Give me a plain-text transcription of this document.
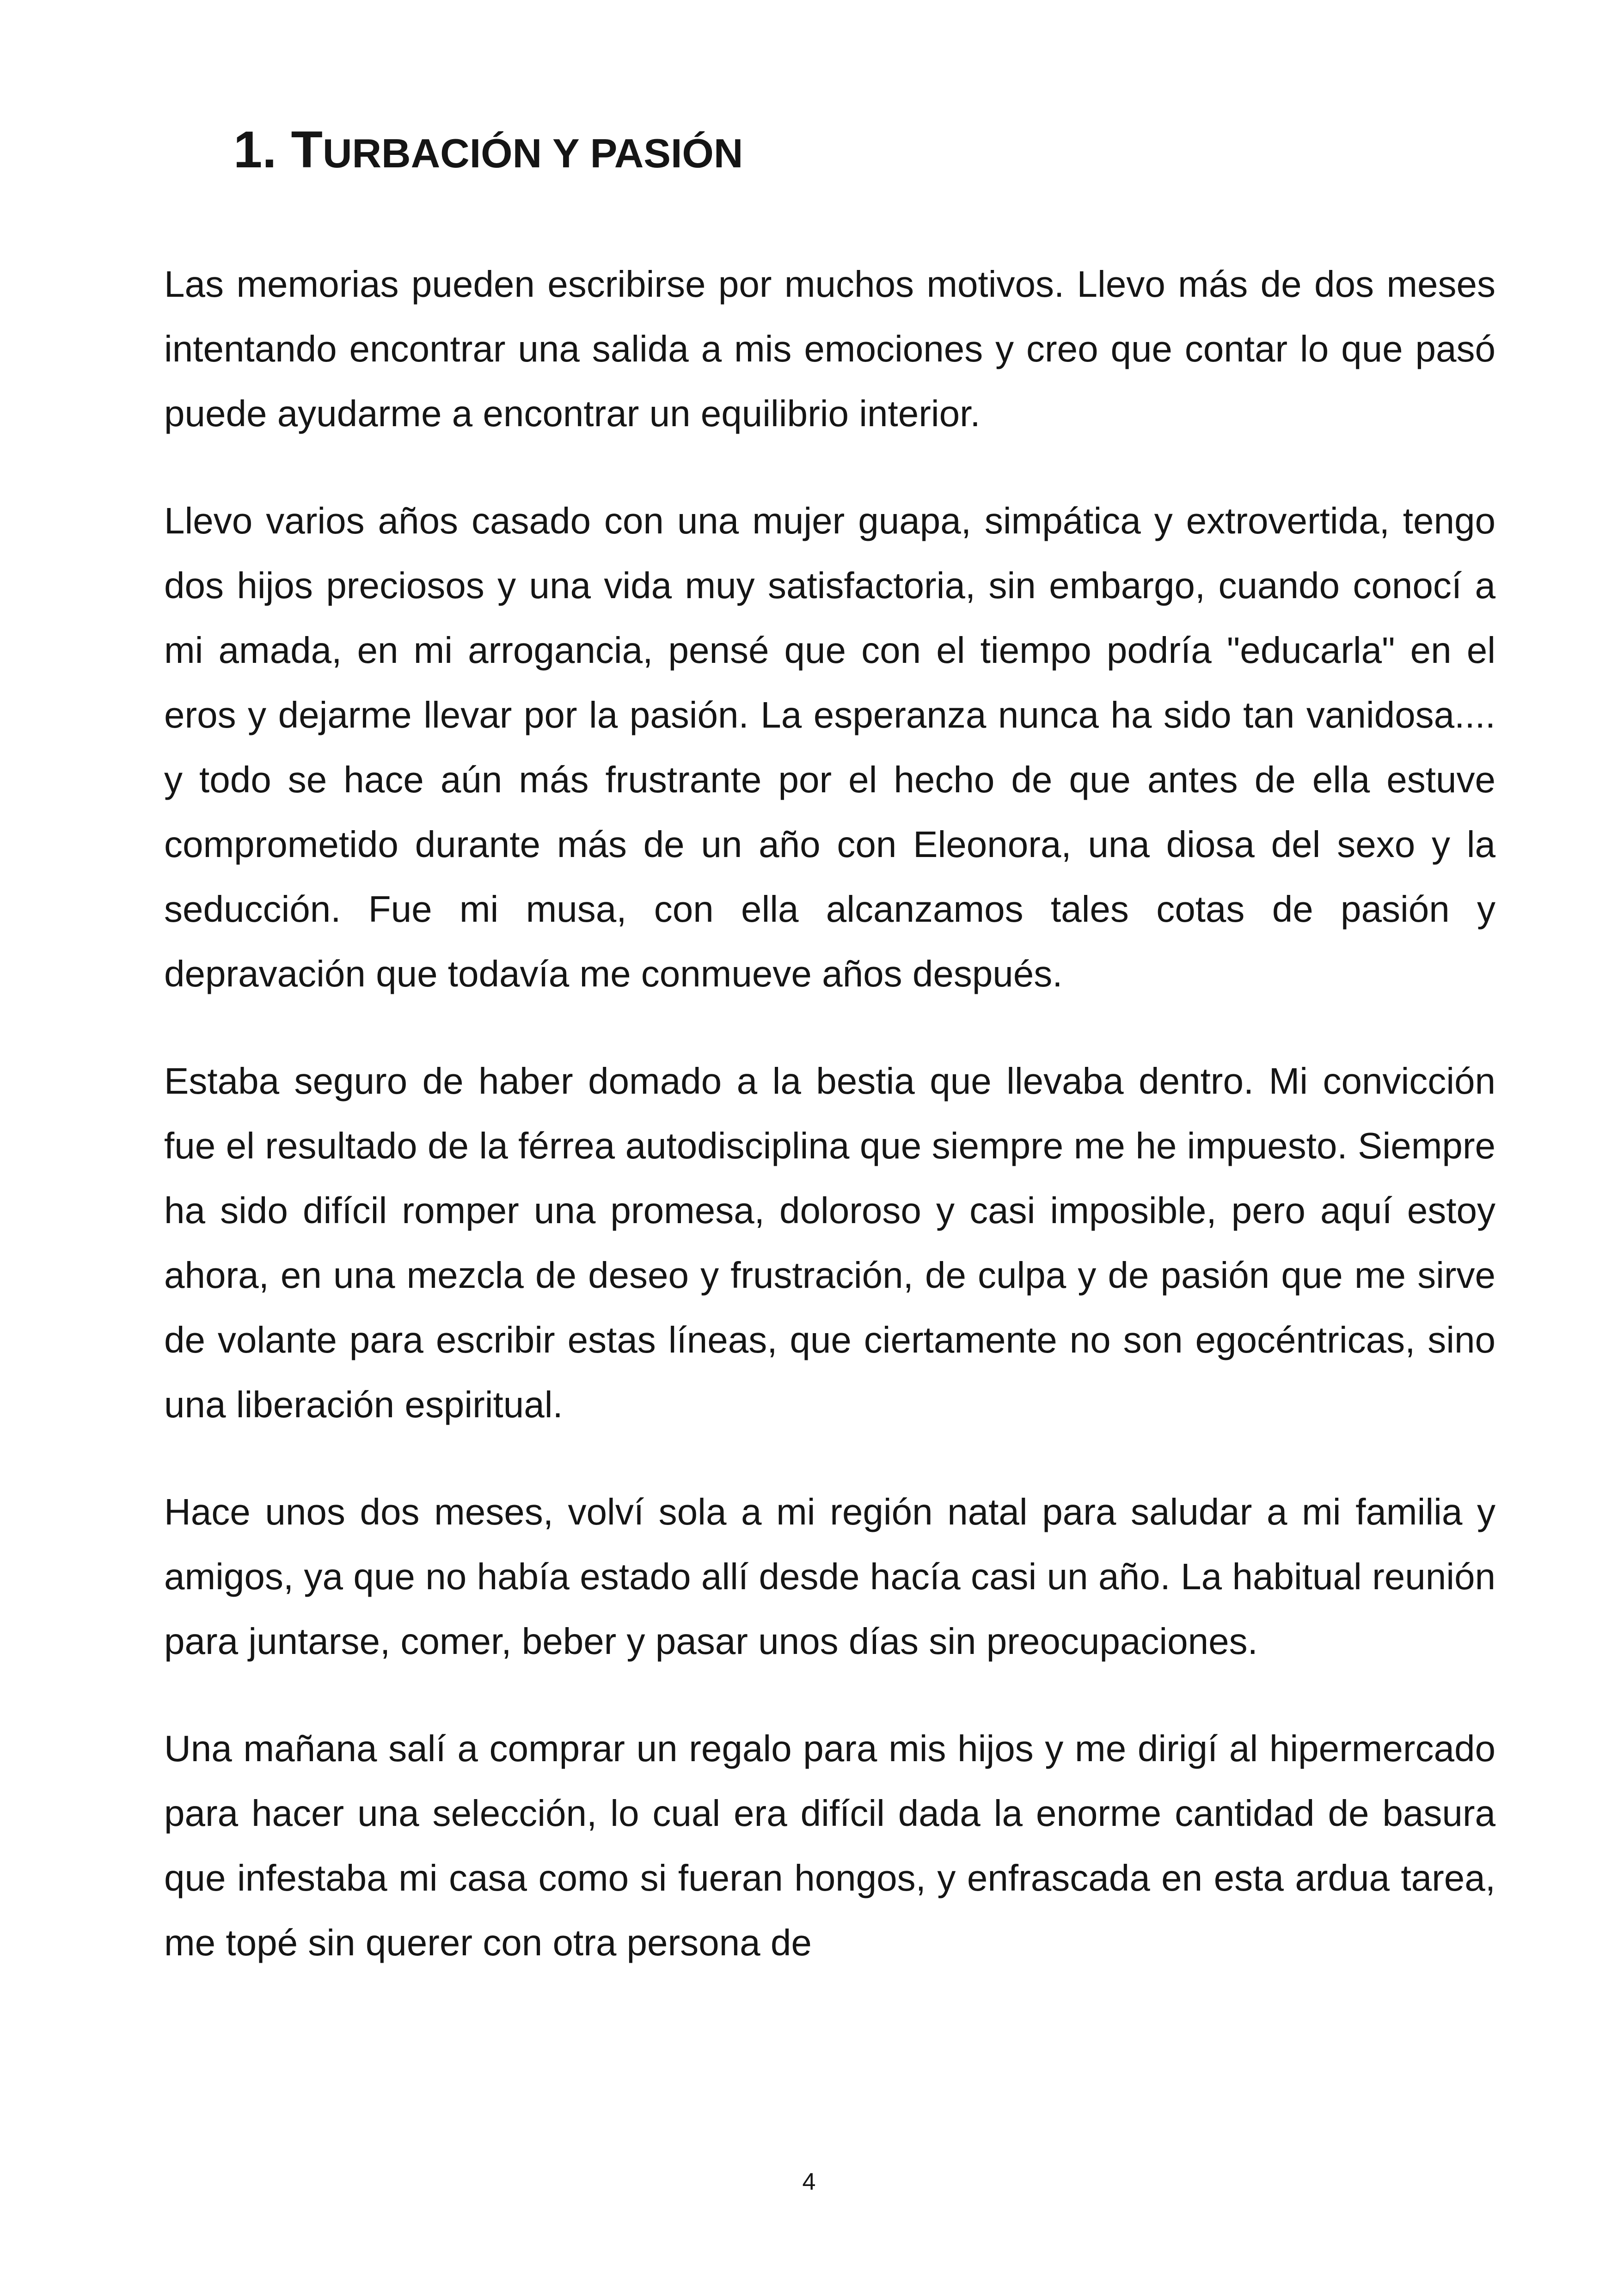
1. TURBACIÓN Y PASIÓN

Las memorias pueden escribirse por muchos motivos. Llevo más de dos meses intentando encontrar una salida a mis emociones y creo que contar lo que pasó puede ayudarme a encontrar un equilibrio interior.

Llevo varios años casado con una mujer guapa, simpática y extrovertida, tengo dos hijos preciosos y una vida muy satisfactoria, sin embargo, cuando conocí a mi amada, en mi arrogancia, pensé que con el tiempo podría "educarla" en el eros y dejarme llevar por la pasión. La esperanza nunca ha sido tan vanidosa.... y todo se hace aún más frustrante por el hecho de que antes de ella estuve comprometido durante más de un año con Eleonora, una diosa del sexo y la seducción. Fue mi musa, con ella alcanzamos tales cotas de pasión y depravación que todavía me conmueve años después.

Estaba seguro de haber domado a la bestia que llevaba dentro. Mi convicción fue el resultado de la férrea autodisciplina que siempre me he impuesto. Siempre ha sido difícil romper una promesa, doloroso y casi imposible, pero aquí estoy ahora, en una mezcla de deseo y frustración, de culpa y de pasión que me sirve de volante para escribir estas líneas, que ciertamente no son egocéntricas, sino una liberación espiritual.

Hace unos dos meses, volví sola a mi región natal para saludar a mi familia y amigos, ya que no había estado allí desde hacía casi un año. La habitual reunión para juntarse, comer, beber y pasar unos días sin preocupaciones.

Una mañana salí a comprar un regalo para mis hijos y me dirigí al hipermercado para hacer una selección, lo cual era difícil dada la enorme cantidad de basura que infestaba mi casa como si fueran hongos, y enfrascada en esta ardua tarea, me topé sin querer con otra persona de

4
